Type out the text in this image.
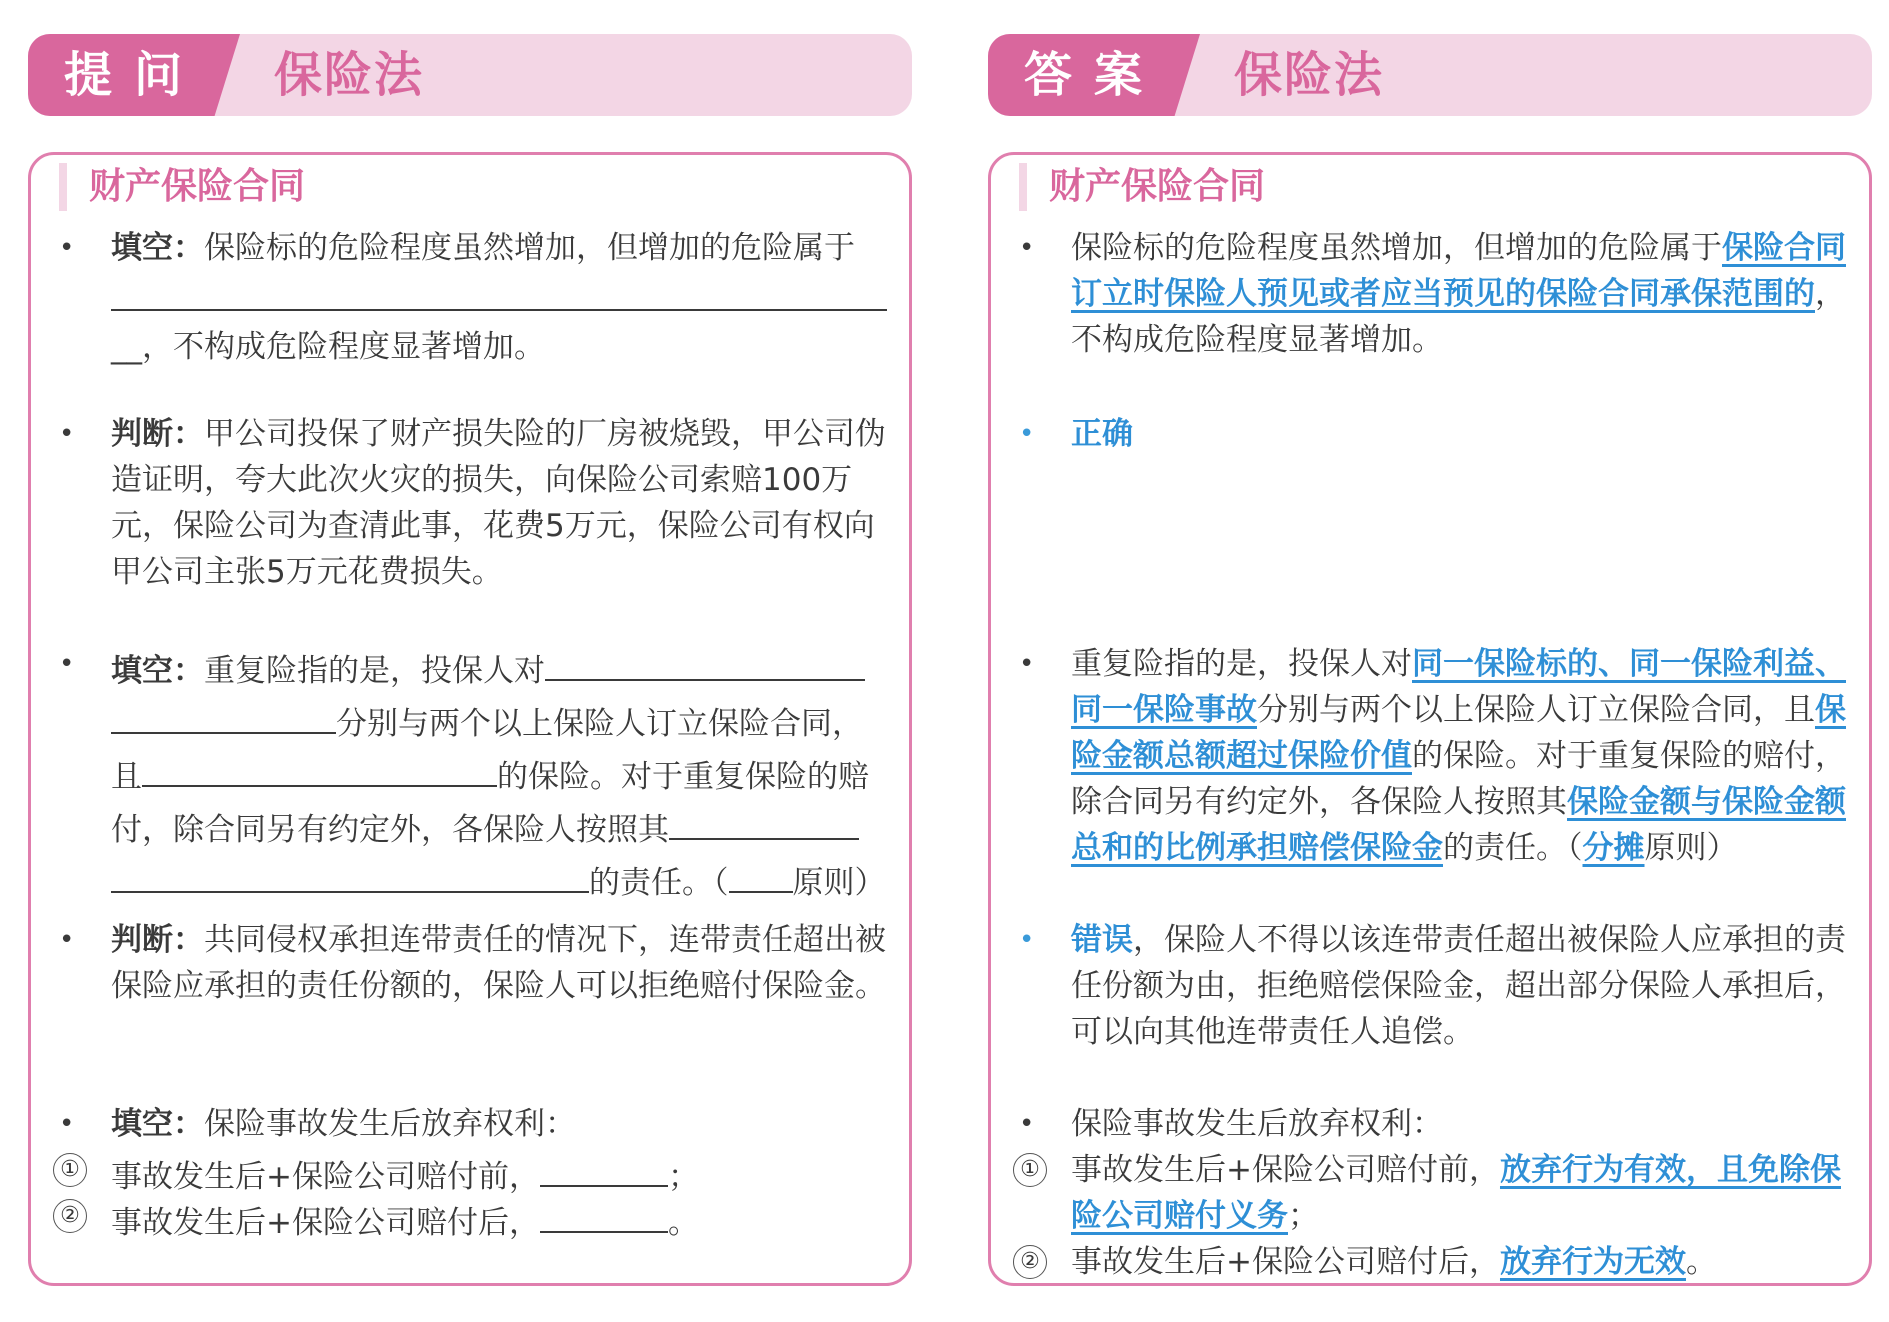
提问 保险法
财产保险合同
• 填空：保险标的危险程度虽然增加，但增加的危险属于

__，不构成危险程度显著增加。
• 判断：甲公司投保了财产损失险的厂房被烧毁，甲公司伪造证明，夸大此次火灾的损失，向保险公司索赔100万元，保险公司为查清此事，花费5万元，保险公司有权向甲公司主张5万元花费损失。
• 填空：重复险指的是，投保人对
分别与两个以上保险人订立保险合同，
且	的保险。对于重复保险的赔付，除合同另有约定外，各保险人按照其
的责任。（ 原则）
• 判断：共同侵权承担连带责任的情况下，连带责任超出被保险应承担的责任份额的，保险人可以拒绝赔付保险金。
• 填空：保险事故发生后放弃权利：
① 事故发生后+保险公司赔付前，	；
② 事故发生后+保险公司赔付后，	。
答案 保险法
财产保险合同
• 保险标的危险程度虽然增加，但增加的危险属于保险合同订立时保险人预见或者应当预见的保险合同承保范围的，不构成危险程度显著增加。
• 正确
• 重复险指的是，投保人对同一保险标的、同一保险利益、同一保险事故分别与两个以上保险人订立保险合同，且保险金额总额超过保险价值的保险。对于重复保险的赔付，除合同另有约定外，各保险人按照其保险金额与保险金额总和的比例承担赔偿保险金的责任。（分摊原则）
• 错误，保险人不得以该连带责任超出被保险人应承担的责任份额为由，拒绝赔偿保险金，超出部分保险人承担后，可以向其他连带责任人追偿。
• 保险事故发生后放弃权利：
① 事故发生后+保险公司赔付前，放弃行为有效，且免除保险公司赔付义务；
② 事故发生后+保险公司赔付后，放弃行为无效。
